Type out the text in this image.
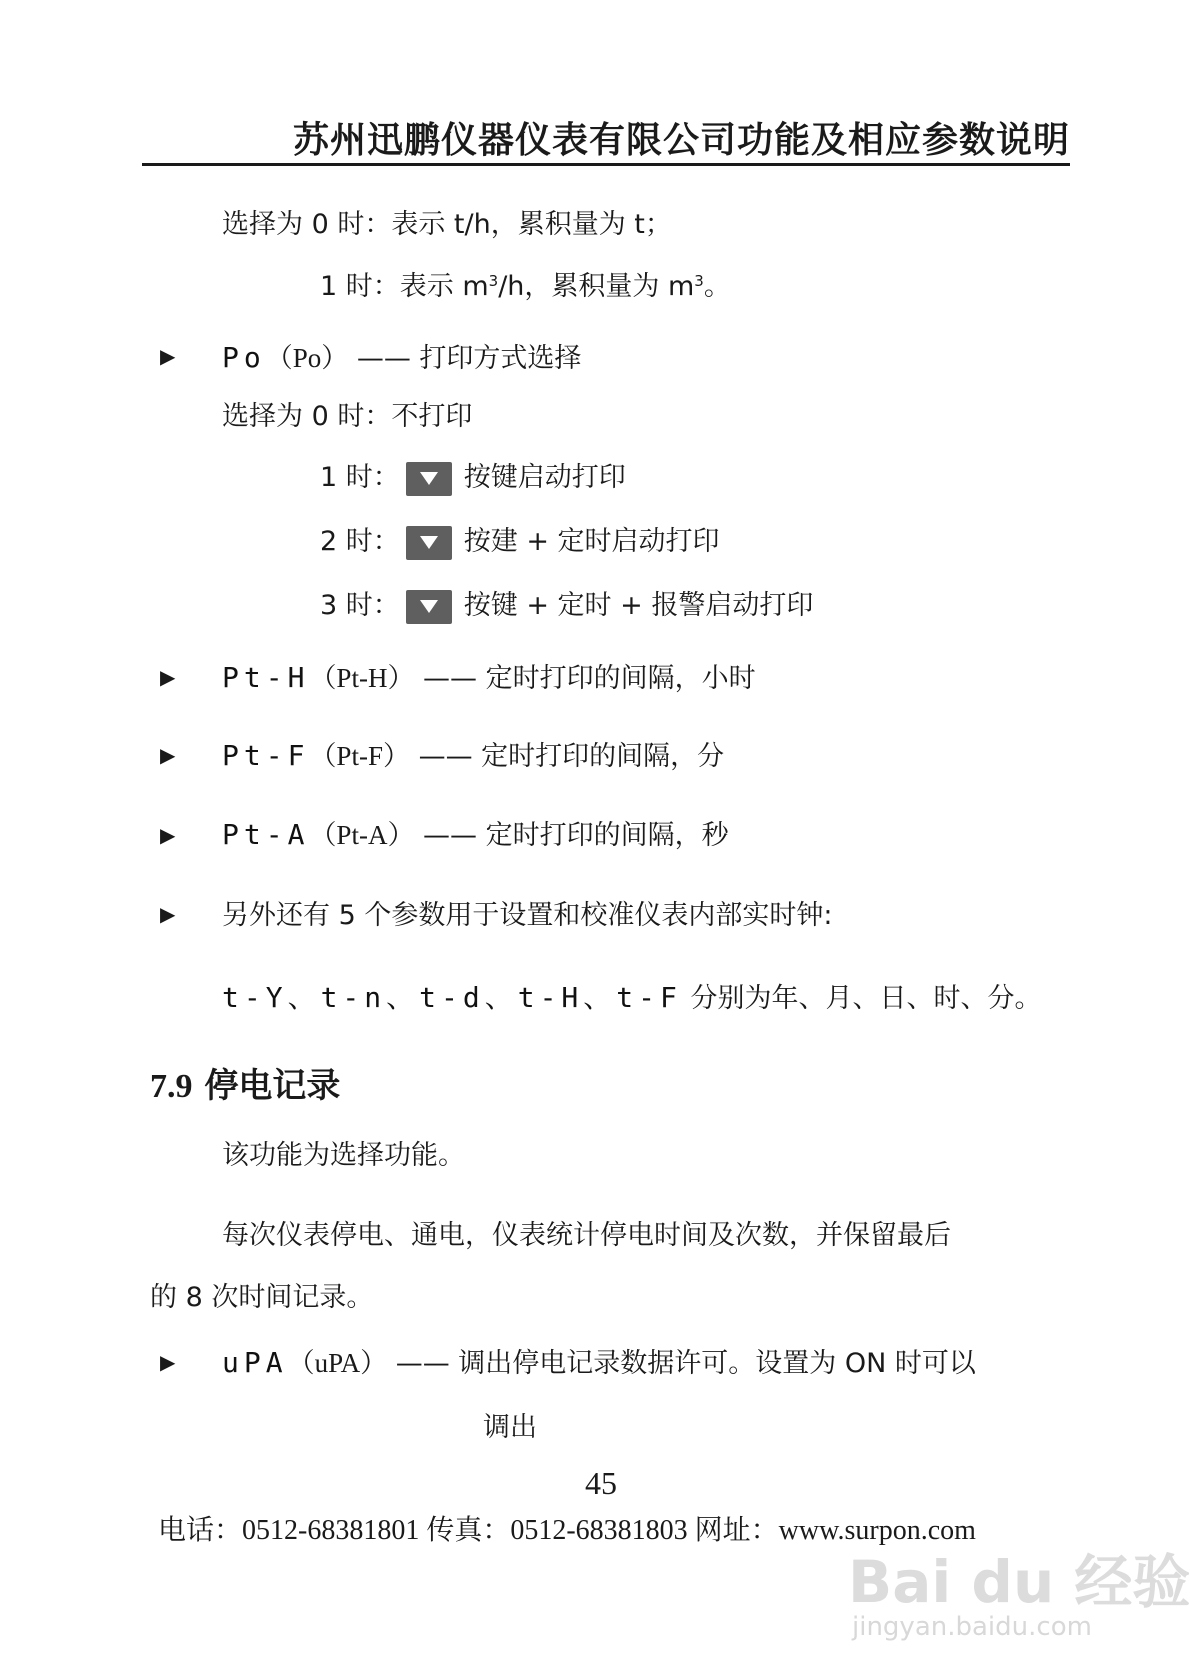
苏州迅鹏仪器仪表有限公司功能及相应参数说明
选择为 0 时：表示 t/h，累积量为 t；
1 时：表示 $m^3/h$，累积量为 $m^3$。
▶ Po（Po） —— 打印方式选择
选择为 0 时：不打印
1 时： 按键启动打印
2 时： 按建 + 定时启动打印
3 时： 按键 + 定时 + 报警启动打印
▶ Pt-H（Pt-H） —— 定时打印的间隔，小时
▶ Pt-F（Pt-F） —— 定时打印的间隔，分
▶ Pt-A（Pt-A） —— 定时打印的间隔，秒
▶ 另外还有 5 个参数用于设置和校准仪表内部实时钟:
t-Y、t-n、t-d、t-H、t-F 分别为年、月、日、时、分。
7.9 停电记录
该功能为选择功能。
每次仪表停电、通电，仪表统计停电时间及次数，并保留最后
的 8 次时间记录。
▶ uPA（uPA） —— 调出停电记录数据许可。设置为 ON 时可以
调出
45
电话：0512-68381801 传真：0512-68381803 网址：www.surpon.com
Bai du 经验
jingyan.baidu.com
